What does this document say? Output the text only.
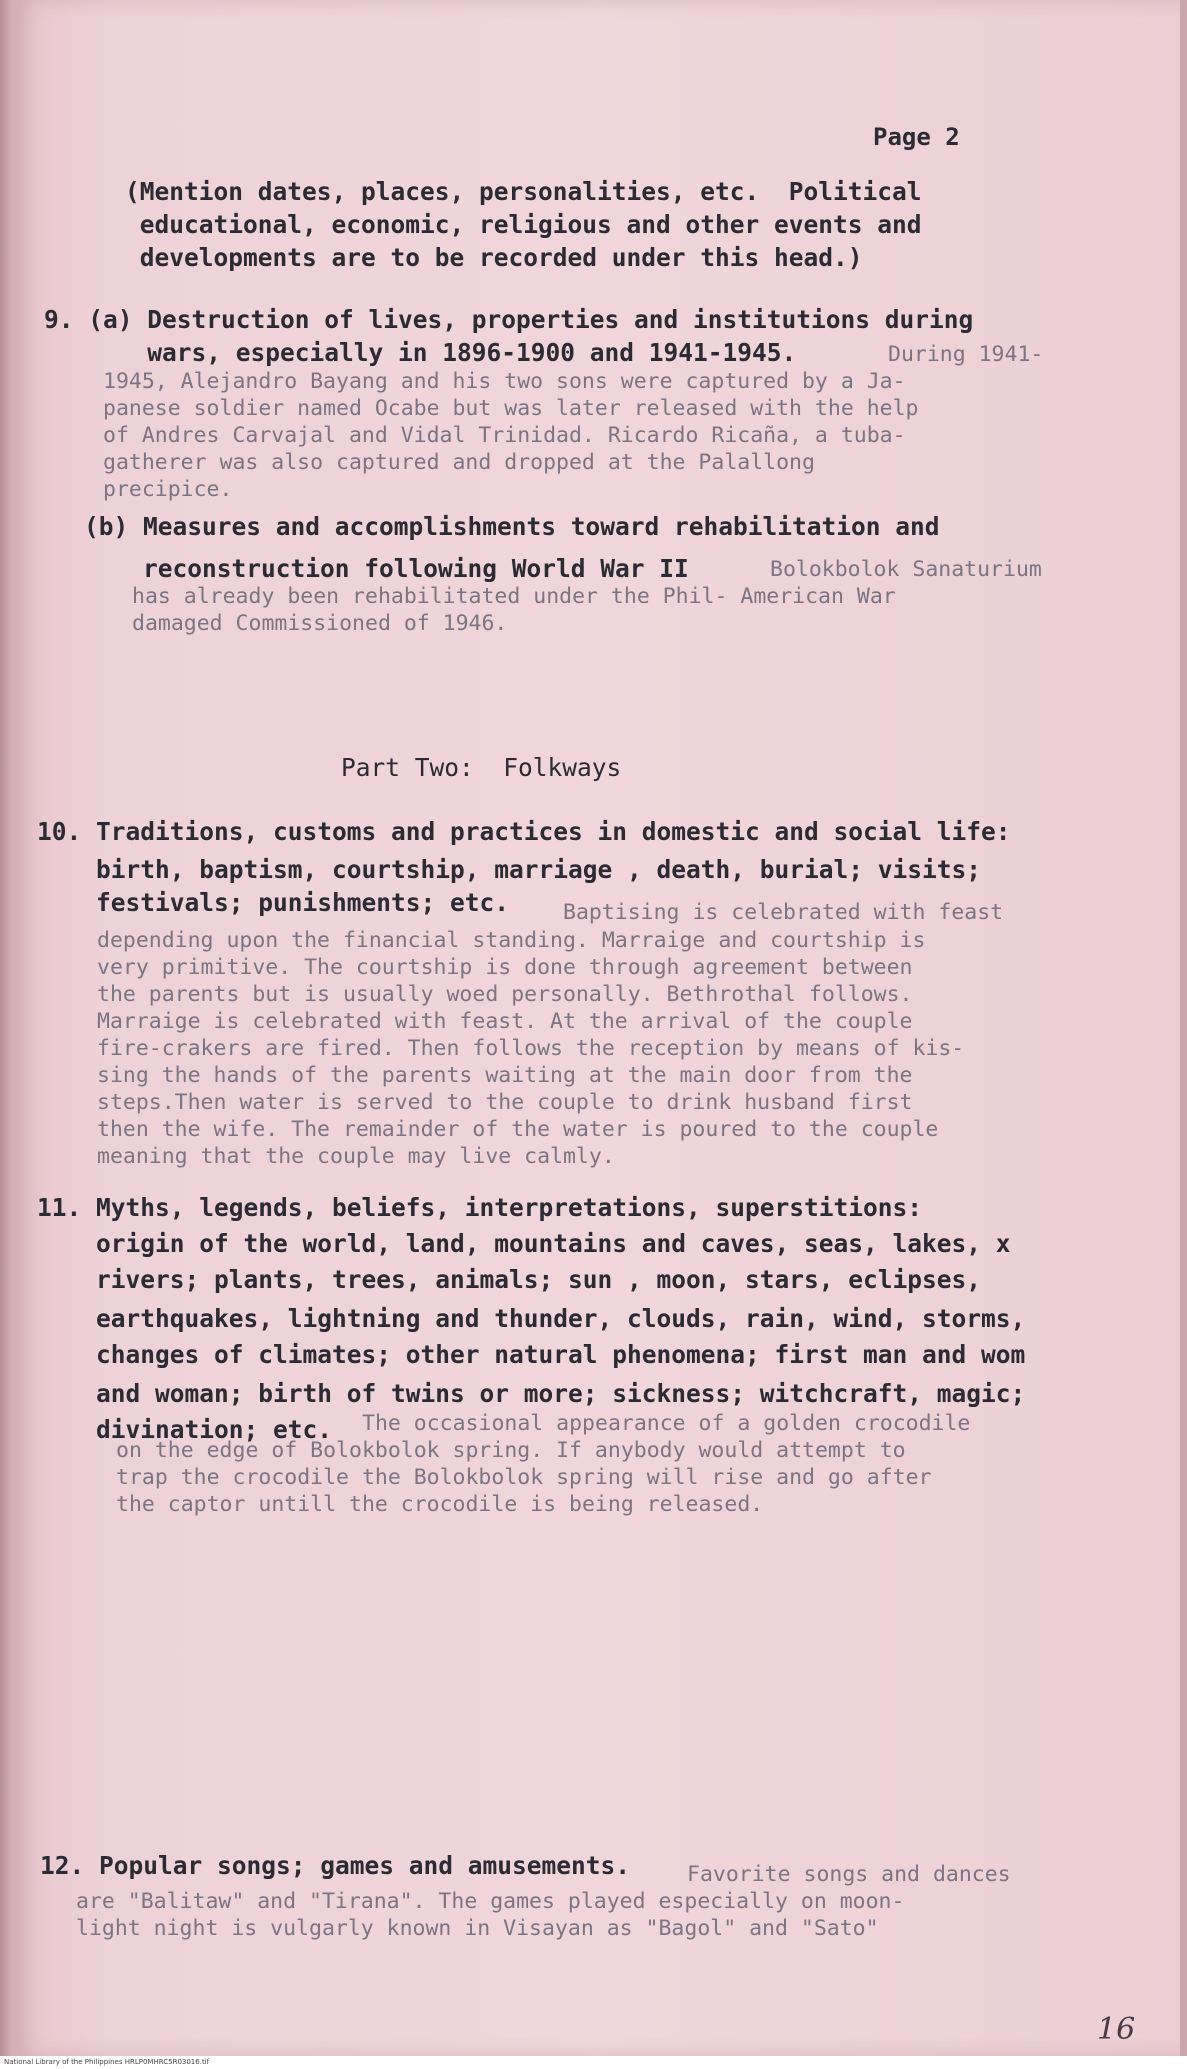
Page 2

(Mention dates, places, personalities, etc.  Political

educational, economic, religious and other events and

developments are to be recorded under this head.)

9. (a) Destruction of lives, properties and institutions during

wars, especially in 1896-1900 and 1941-1945.	During 1941-

1945, Alejandro Bayang and his two sons were captured by a Ja-

panese soldier named Ocabe but was later released with the help

of Andres Carvajal and Vidal Trinidad. Ricardo Ricaña, a tuba-

gatherer was also captured and dropped at the Palallong

precipice.

(b) Measures and accomplishments toward rehabilitation and

reconstruction following World War II	Bolokbolok Sanaturium

has already been rehabilitated under the Phil- American War

damaged Commissioned of 1946.

Part Two:  Folkways

10. Traditions, customs and practices in domestic and social life:

birth, baptism, courtship, marriage , death, burial; visits;

festivals; punishments; etc.	Baptising is celebrated with feast

depending upon the financial standing. Marraige and courtship is

very primitive. The courtship is done through agreement between

the parents but is usually woed personally. Bethrothal follows.

Marraige is celebrated with feast. At the arrival of the couple

fire-crakers are fired. Then follows the reception by means of kis-

sing the hands of the parents waiting at the main door from the

steps.Then water is served to the couple to drink husband first

then the wife. The remainder of the water is poured to the couple

meaning that the couple may live calmly.

11. Myths, legends, beliefs, interpretations, superstitions:

origin of the world, land, mountains and caves, seas, lakes, x

rivers; plants, trees, animals; sun , moon, stars, eclipses,

earthquakes, lightning and thunder, clouds, rain, wind, storms,

changes of climates; other natural phenomena; first man and wom

and woman; birth of twins or more; sickness; witchcraft, magic;

divination; etc. The occasional appearance of a golden crocodile

on the edge of Bolokbolok spring. If anybody would attempt to

trap the crocodile the Bolokbolok spring will rise and go after

the captor untill the crocodile is being released.

12. Popular songs; games and amusements.	Favorite songs and dances

are "Balitaw" and "Tirana". The games played especially on moon-

light night is vulgarly known in Visayan as "Bagol" and "Sato"

16
National Library of the Philippines HRLP0MHRC5R03016.tif
